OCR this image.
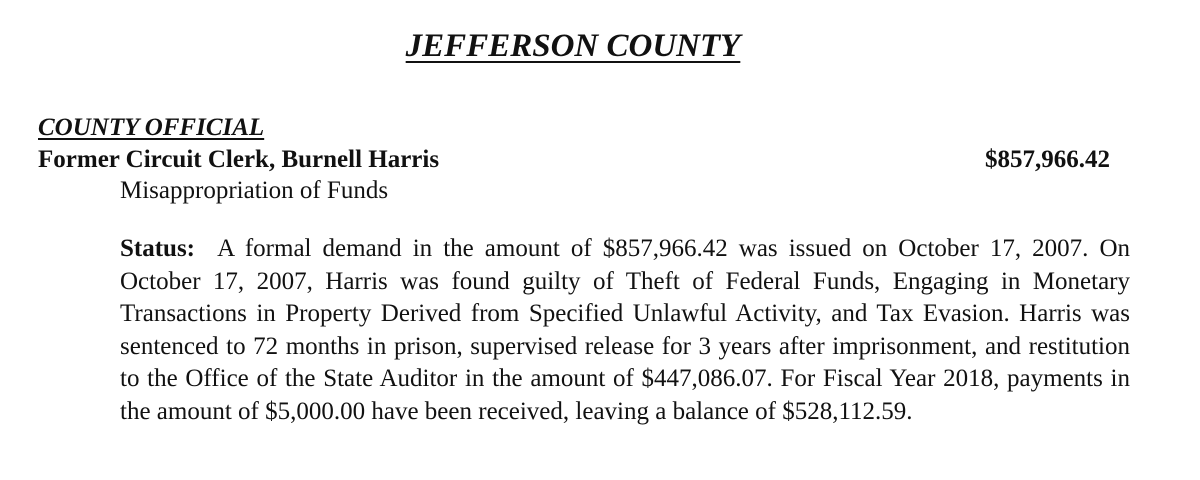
JEFFERSON COUNTY
COUNTY OFFICIAL
Former Circuit Clerk, Burnell Harris	$857,966.42
Misappropriation of Funds

Status: A formal demand in the amount of $857,966.42 was issued on October 17, 2007. On October 17, 2007, Harris was found guilty of Theft of Federal Funds, Engaging in Monetary Transactions in Property Derived from Specified Unlawful Activity, and Tax Evasion. Harris was sentenced to 72 months in prison, supervised release for 3 years after imprisonment, and restitution to the Office of the State Auditor in the amount of $447,086.07. For Fiscal Year 2018, payments in the amount of $5,000.00 have been received, leaving a balance of $528,112.59.
